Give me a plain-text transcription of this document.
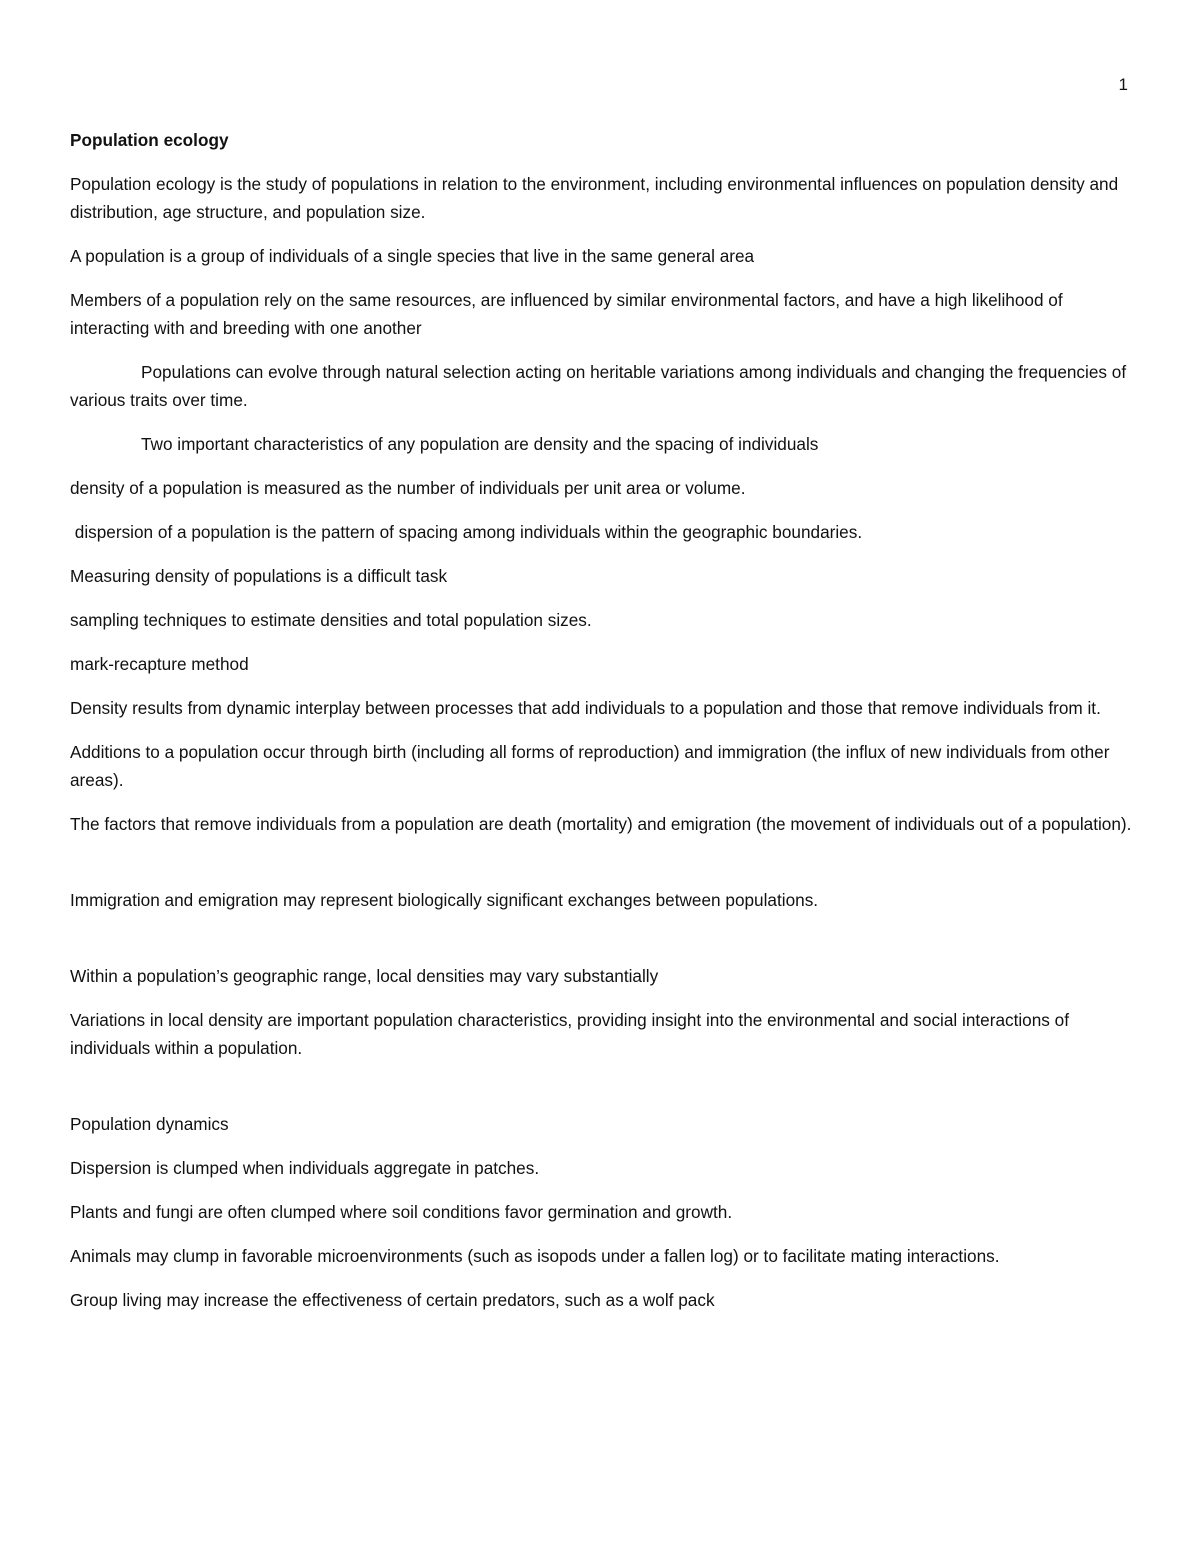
1
Population ecology

Population ecology is the study of populations in relation to the environment, including environmental influences on population density and distribution, age structure, and population size.

A population is a group of individuals of a single species that live in the same general area

Members of a population rely on the same resources, are influenced by similar environmental factors, and have a high likelihood of interacting with and breeding with one another

Populations can evolve through natural selection acting on heritable variations among individuals and changing the frequencies of various traits over time.

Two important characteristics of any population are density and the spacing of individuals

density of a population is measured as the number of individuals per unit area or volume.

dispersion of a population is the pattern of spacing among individuals within the geographic boundaries.

Measuring density of populations is a difficult task

sampling techniques to estimate densities and total population sizes.

mark-recapture method

Density results from dynamic interplay between processes that add individuals to a population and those that remove individuals from it.

Additions to a population occur through birth (including all forms of reproduction) and immigration (the influx of new individuals from other areas).

The factors that remove individuals from a population are death (mortality) and emigration (the movement of individuals out of a population).

Immigration and emigration may represent biologically significant exchanges between populations.

Within a population’s geographic range, local densities may vary substantially

Variations in local density are important population characteristics, providing insight into the environmental and social interactions of individuals within a population.

Population dynamics

Dispersion is clumped when individuals aggregate in patches.

Plants and fungi are often clumped where soil conditions favor germination and growth.

Animals may clump in favorable microenvironments (such as isopods under a fallen log) or to facilitate mating interactions.

Group living may increase the effectiveness of certain predators, such as a wolf pack
